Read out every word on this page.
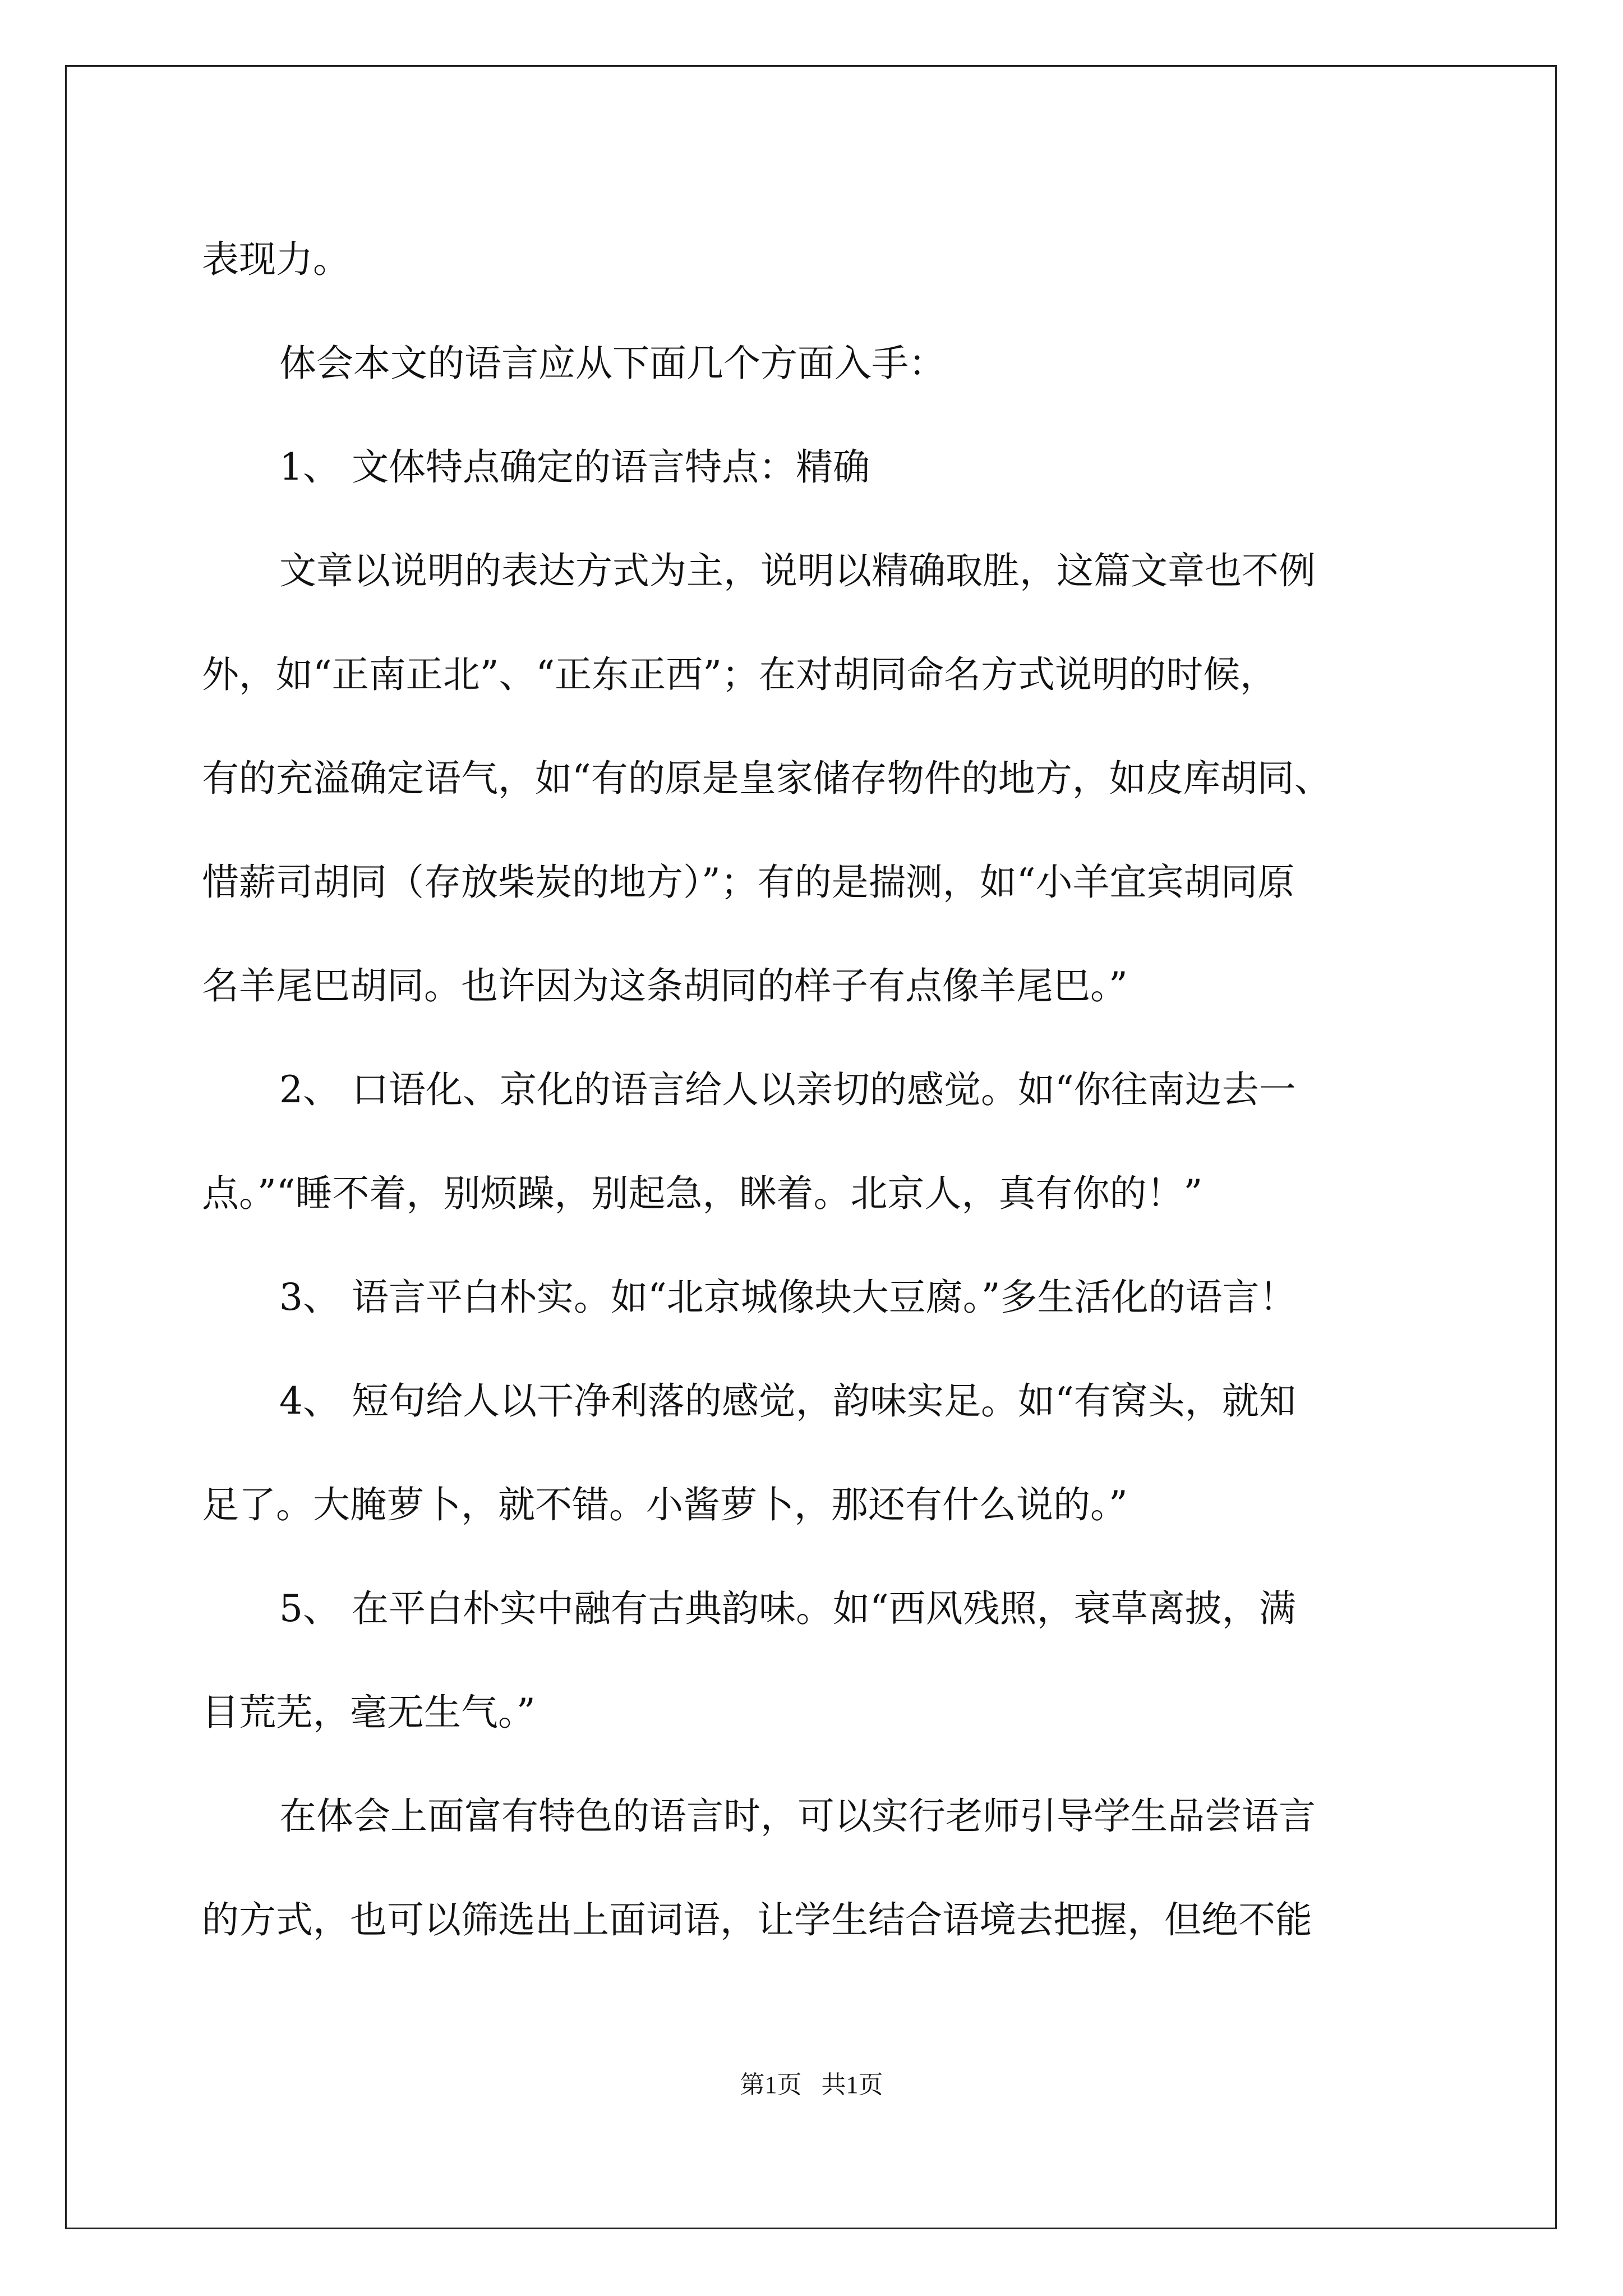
表现力。
体会本文的语言应从下面几个方面入手：
1、 文体特点确定的语言特点：精确
文章以说明的表达方式为主，说明以精确取胜，这篇文章也不例
外，如“正南正北”、“正东正西”；在对胡同命名方式说明的时候，
有的充溢确定语气，如“有的原是皇家储存物件的地方，如皮库胡同、
惜薪司胡同（存放柴炭的地方）”；有的是揣测，如“小羊宜宾胡同原
名羊尾巴胡同。也许因为这条胡同的样子有点像羊尾巴。”
2、 口语化、京化的语言给人以亲切的感觉。如“你往南边去一
点。”“睡不着，别烦躁，别起急，眯着。北京人，真有你的！”
3、 语言平白朴实。如“北京城像块大豆腐。”多生活化的语言！
4、 短句给人以干净利落的感觉，韵味实足。如“有窝头，就知
足了。大腌萝卜，就不错。小酱萝卜，那还有什么说的。”
5、 在平白朴实中融有古典韵味。如“西风残照，衰草离披，满
目荒芜，毫无生气。”
在体会上面富有特色的语言时，可以实行老师引导学生品尝语言
的方式，也可以筛选出上面词语，让学生结合语境去把握，但绝不能
第1页 共1页
